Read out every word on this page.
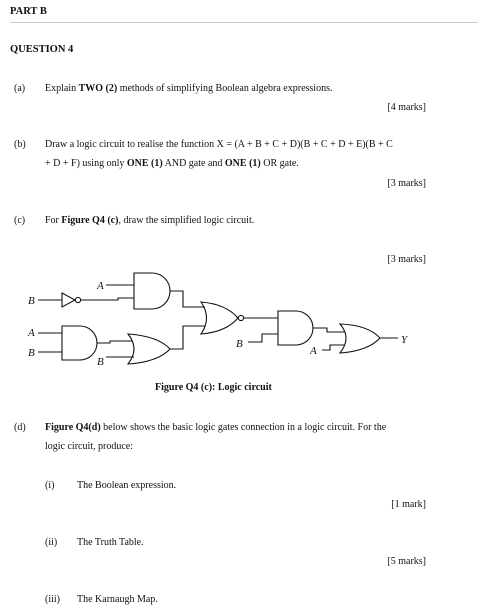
PART B
QUESTION 4
(a) Explain TWO (2) methods of simplifying Boolean algebra expressions.
[4 marks]
(b) Draw a logic circuit to realise the function X = (A + B + C + D)(B + C + D + E)(B + C
+ D + F) using only ONE (1) AND gate and ONE (1) OR gate.
[3 marks]
(c) For Figure Q4 (c), draw the simplified logic circuit.
[3 marks]
B
A
A
B
B
B
A
Y
Figure Q4 (c): Logic circuit
(d) Figure Q4(d) below shows the basic logic gates connection in a logic circuit. For the
logic circuit, produce:
(i) The Boolean expression.
[1 mark]
(ii) The Truth Table.
[5 marks]
(iii) The Karnaugh Map.
